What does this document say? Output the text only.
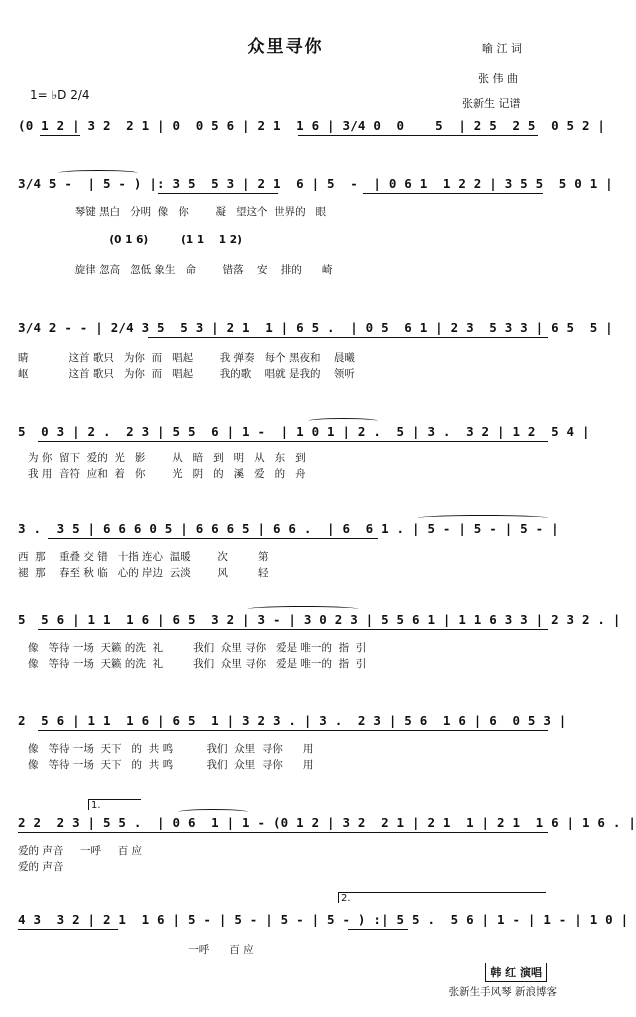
众里寻你	喻 江 词
张 伟 曲
张新生 记谱
1= ♭D 2/4
(0 1 2 | 3 2  2 1 | 0  0 5 6 | 2 1  1 6 | 3/4 0  0    5  | 2 5  2 5  0 5 2 |
3/4 5 -  | 5 - ) |: 3 5  5 3 | 2 1  6 | 5  -  | 0 6 1  1 2 2 | 3 5 5  5 0 1 |
琴键 黑白   分明  像   你        凝   望这个  世界的   眼
(0 1 6)         (1 1    1 2)
旋律 忽高   忽低 象生   命        错落    安    排的      崎
3/4 2 - - | 2/4 3 5  5 3 | 2 1  1 | 6 5 .  | 0 5  6 1 | 2 3  5 3 3 | 6 5  5 |
睛            这首 歌只   为你  而   唱起        我 弹奏   每个 黑夜和    晨曦
岖            这首 歌只   为你  而   唱起        我的歌    唱就 是我的    领听
5  0 3 | 2 .  2 3 | 5 5  6 | 1 -  | 1 0 1 | 2 .  5 | 3 .  3 2 | 1 2  5 4 |
为 你  留下  爱的  光   影        从   暗   到   明   从   东   到
我 用  音符  应和  着   你        光   阴   的   溪   爱   的   舟
3 .  3 5 | 6 6 6 0 5 | 6 6 6 5 | 6 6 .  | 6  6 1 . | 5 - | 5 - | 5 - |
西  那    重叠 交 错   十指 连心  温暖        次         第
褪  那    春至 秋 临   心的 岸边  云淡        风         轻
5  5 6 | 1 1  1 6 | 6 5  3 2 | 3 - | 3 0 2 3 | 5 5 6 1 | 1 1 6 3 3 | 2 3 2 . |
像   等待 一场  天籁 的洗  礼         我们  众里 寻你   爱是 唯一的  指  引
像   等待 一场  天籁 的洗  礼         我们  众里 寻你   爱是 唯一的  指  引
2  5 6 | 1 1  1 6 | 6 5  1 | 3 2 3 . | 3 .  2 3 | 5 6  1 6 | 6  0 5 3 |
像   等待 一场  天下   的  共 鸣          我们  众里  寻你      用
像   等待 一场  天下   的  共 鸣          我们  众里  寻你      用
1.
2 2  2 3 | 5 5 .  | 0 6  1 | 1 - (0 1 2 | 3 2  2 1 | 2 1  1 | 2 1  1 6 | 1 6 . |
爱的 声音     一呼     百 应
爱的 声音
2.
4 3  3 2 | 2 1  1 6 | 5 - | 5 - | 5 - | 5 - ) :| 5 5 .  5 6 | 1 - | 1 - | 1 0 |
一呼      百 应
韩 红 演唱
张新生手风琴 新浪博客
